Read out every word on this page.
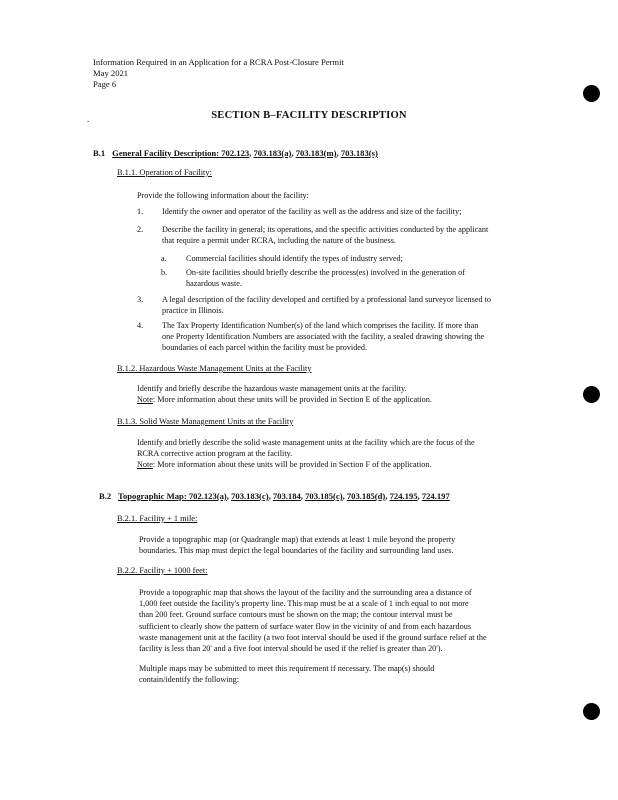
Information Required in an Application for a RCRA Post-Closure Permit
May 2021
Page 6
.	SECTION B–FACILITY DESCRIPTION
B.1 General Facility Description: 702.123, 703.183(a), 703.183(m), 703.183(s)
B.1.1. Operation of Facility:
Provide the following information about the facility:
1. Identify the owner and operator of the facility as well as the address and size of the facility;
2. Describe the facility in general; its operations, and the specific activities conducted by the applicant
that require a permit under RCRA, including the nature of the business.
a. Commercial facilities should identify the types of industry served;
b. On-site facilities should briefly describe the process(es) involved in the generation of
hazardous waste.
3. A legal description of the facility developed and certified by a professional land surveyor licensed to
practice in Illinois.
4. The Tax Property Identification Number(s) of the land which comprises the facility. If more than
one Property Identification Numbers are associated with the facility, a sealed drawing showing the
boundaries of each parcel within the facility must be provided.
B.1.2. Hazardous Waste Management Units at the Facility
Identify and briefly describe the hazardous waste management units at the facility.
Note: More information about these units will be provided in Section E of the application.
B.1.3. Solid Waste Management Units at the Facility
Identify and briefly describe the solid waste management units at the facility which are the focus of the
RCRA corrective action program at the facility.
Note: More information about these units will be provided in Section F of the application.
B.2 Topographic Map: 702.123(a), 703.183(c), 703.184, 703.185(c), 703.185(d), 724.195, 724.197
B.2.1. Facility + 1 mile:
Provide a topographic map (or Quadrangle map) that extends at least 1 mile beyond the property
boundaries. This map must depict the legal boundaries of the facility and surrounding land uses.
B.2.2. Facility + 1000 feet:
Provide a topographic map that shows the layout of the facility and the surrounding area a distance of
1,000 feet outside the facility's property line. This map must be at a scale of 1 inch equal to not more
than 200 feet. Ground surface contours must be shown on the map; the contour interval must be
sufficient to clearly show the pattern of surface water flow in the vicinity of and from each hazardous
waste management unit at the facility (a two foot interval should be used if the ground surface relief at the
facility is less than 20' and a five foot interval should be used if the relief is greater than 20').
Multiple maps may be submitted to meet this requirement if necessary. The map(s) should
contain/identify the following:
